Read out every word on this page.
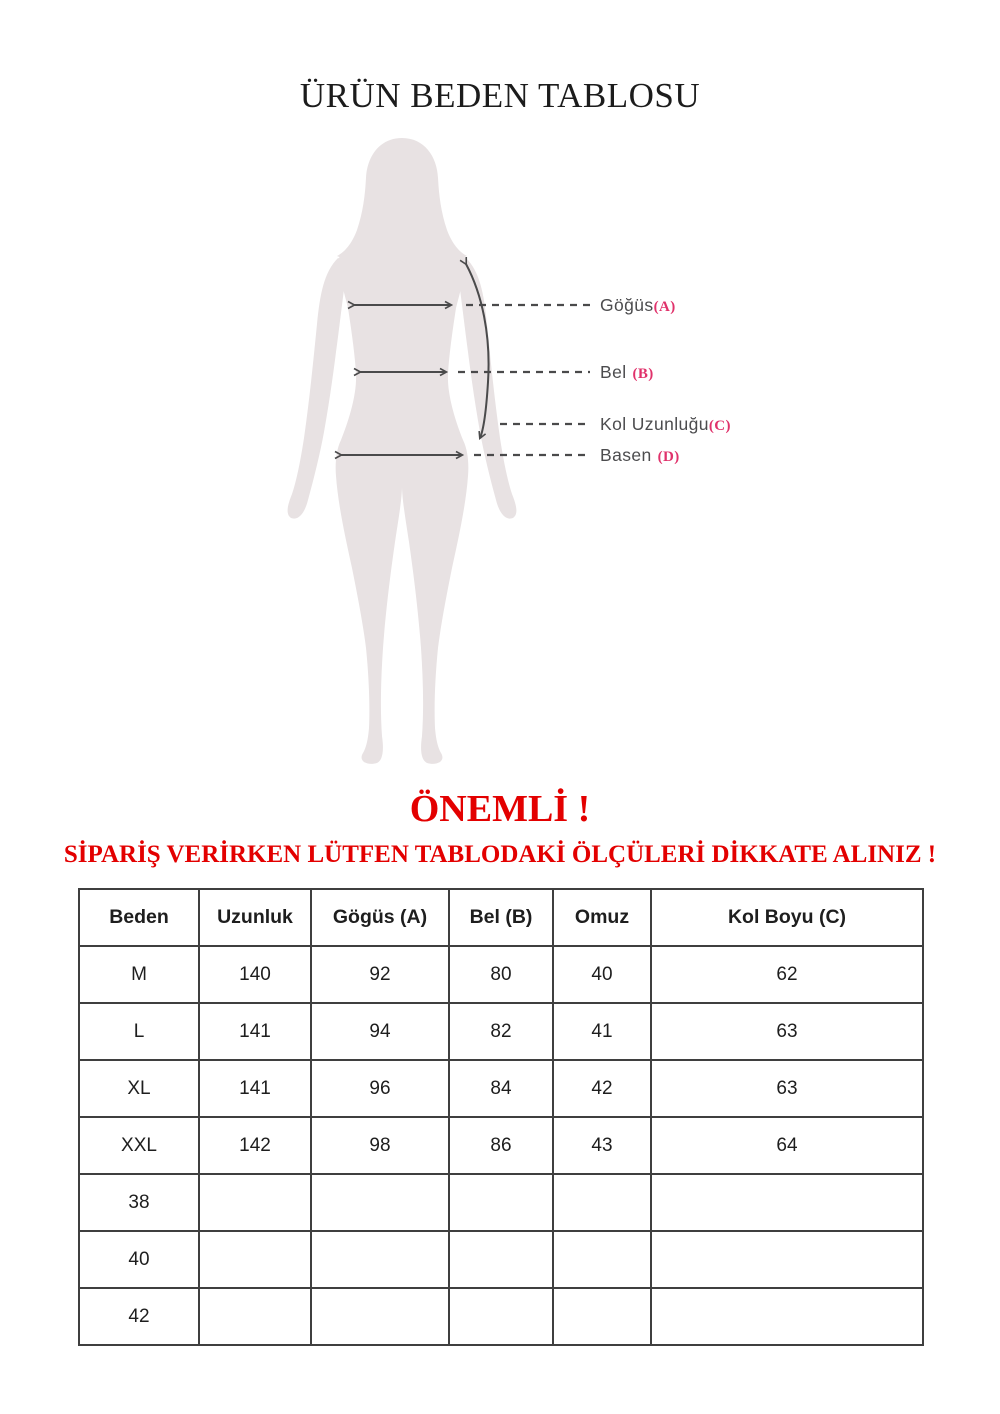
ÜRÜN BEDEN TABLOSU
Göğüs(A)
Bel (B)
Kol Uzunluğu(C)
Basen (D)

ÖNEMLİ !

SİPARİŞ VERİRKEN LÜTFEN TABLODAKİ ÖLÇÜLERİ DİKKATE ALINIZ !

Beden	Uzunluk	Gögüs (A)	Bel (B)	Omuz	Kol Boyu (C)
M	140	92	80	40	62
L	141	94	82	41	63
XL	141	96	84	42	63
XXL	142	98	86	43	64
38					
40					
42					
